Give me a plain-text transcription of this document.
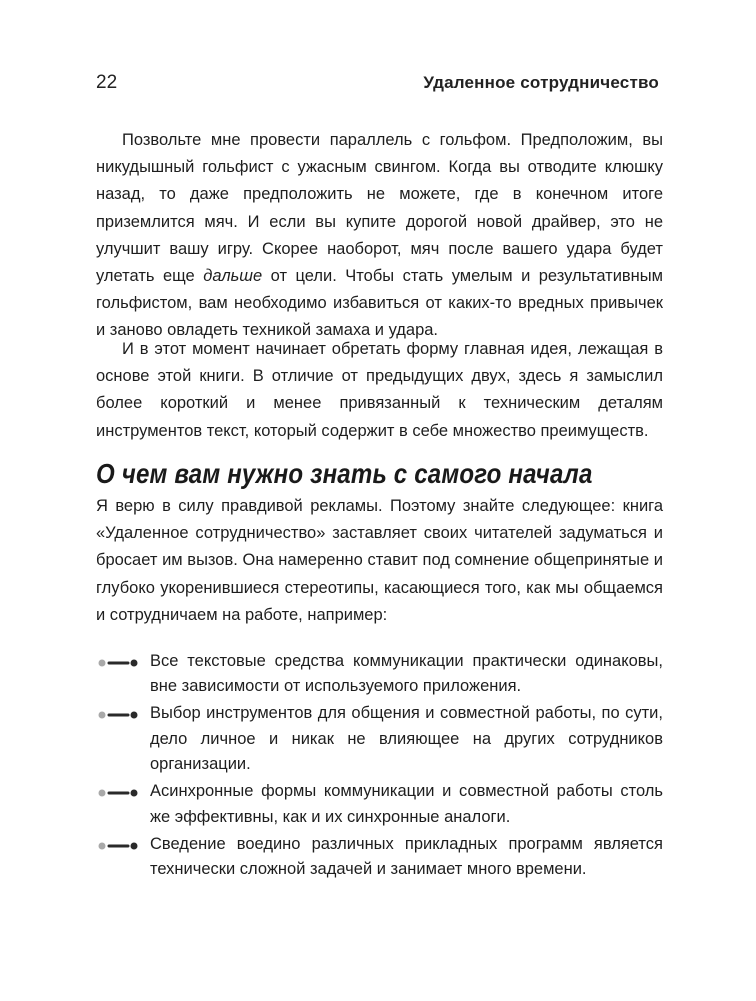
22	Удаленное сотрудничество

Позвольте мне провести параллель с гольфом. Предположим, вы никудышный гольфист с ужасным свингом. Когда вы отводите клюшку назад, то даже предположить не можете, где в конечном итоге приземлится мяч. И если вы купите дорогой новой драйвер, это не улучшит вашу игру. Скорее наоборот, мяч после вашего удара будет улетать еще дальше от цели. Чтобы стать умелым и результативным гольфистом, вам необходимо избавиться от каких-то вредных привычек и заново овладеть техникой замаха и удара.

И в этот момент начинает обретать форму главная идея, лежащая в основе этой книги. В отличие от предыдущих двух, здесь я замыслил более короткий и менее привязанный к техническим деталям инструментов текст, который содержит в себе множество преимуществ.

О чем вам нужно знать с самого начала

Я верю в силу правдивой рекламы. Поэтому знайте следующее: книга «Удаленное сотрудничество» заставляет своих читателей задуматься и бросает им вызов. Она намеренно ставит под сомнение общепринятые и глубоко укоренившиеся стереотипы, касающиеся того, как мы общаемся и сотрудничаем на работе, например:

Все текстовые средства коммуникации практически одинаковы, вне зависимости от используемого приложения.
Выбор инструментов для общения и совместной работы, по сути, дело личное и никак не влияющее на других сотрудников организации.
Асинхронные формы коммуникации и совместной работы столь же эффективны, как и их синхронные аналоги.
Сведение воедино различных прикладных программ является технически сложной задачей и занимает много времени.
